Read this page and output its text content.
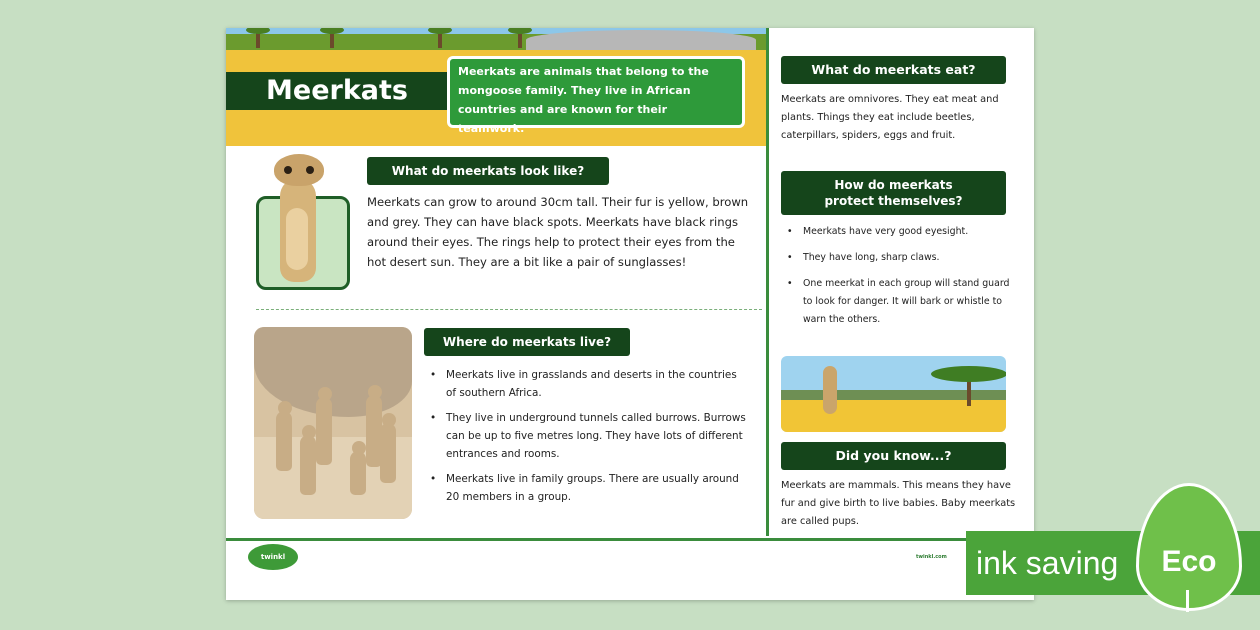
Meerkats
Meerkats are animals that belong to the mongoose family. They live in African countries and are known for their teamwork.
What do meerkats look like?
Meerkats can grow to around 30cm tall. Their fur is yellow, brown and grey. They can have black spots. Meerkats have black rings around their eyes. The rings help to protect their eyes from the hot desert sun. They are a bit like a pair of sunglasses!
Where do meerkats live?
• Meerkats live in grasslands and deserts in the countries of southern Africa.
• They live in underground tunnels called burrows. Burrows can be up to five metres long. They have lots of different entrances and rooms.
• Meerkats live in family groups. There are usually around 20 members in a group.
What do meerkats eat?
Meerkats are omnivores. They eat meat and plants. Things they eat include beetles, caterpillars, spiders, eggs and fruit.
How do meerkats protect themselves?
• Meerkats have very good eyesight.
• They have long, sharp claws.
• One meerkat in each group will stand guard to look for danger. It will bark or whistle to warn the others.
Did you know...?
Meerkats are mammals. This means they have fur and give birth to live babies. Baby meerkats are called pups.
twinkl	twinkl.com ink saving	Eco
